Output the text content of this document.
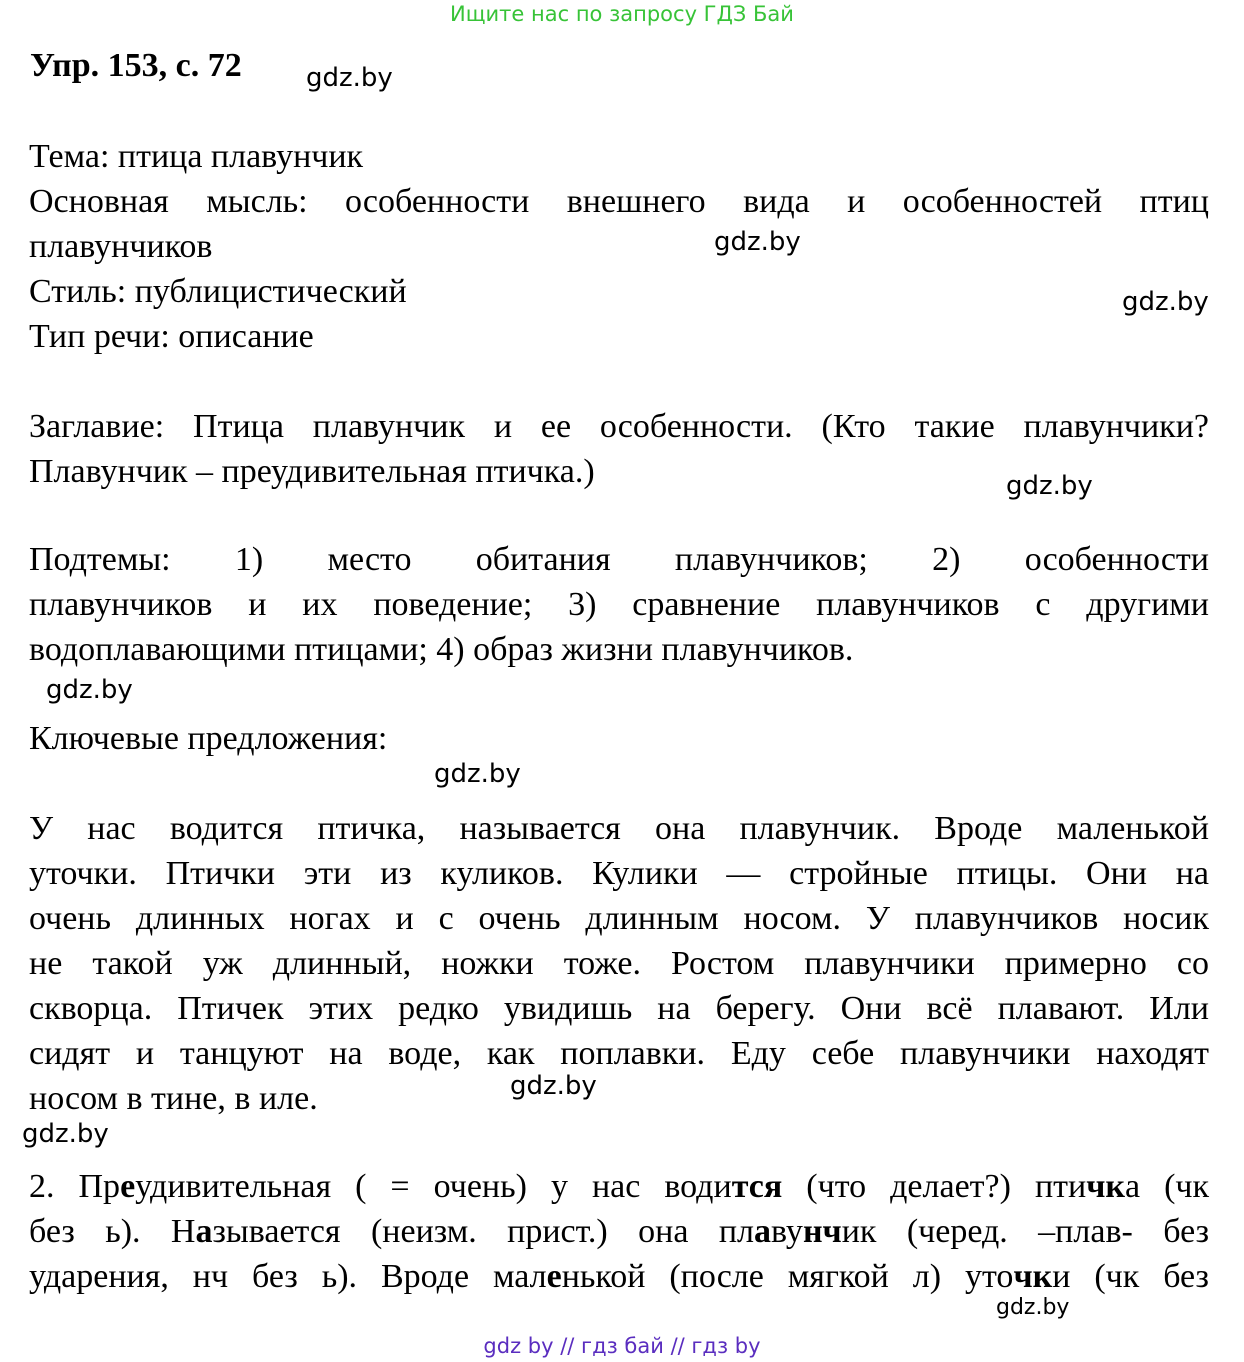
Ищите нас по запросу ГДЗ Бай
Упр. 153, с. 72 gdz.by
Тема: птица плавунчик
Основная мысль: особенности внешнего вида и особенностей птиц
плавунчиков
Стиль: публицистический
Тип речи: описание
gdz.by
gdz.by
Заглавие: Птица плавунчик и ее особенности. (Кто такие плавунчики?
Плавунчик – преудивительная птичка.)	gdz.by
Подтемы: 1) место обитания плавунчиков; 2) особенности
плавунчиков и их поведение; 3) сравнение плавунчиков с другими
водоплавающими птицами; 4) образ жизни плавунчиков.
gdz.by
Ключевые предложения:
gdz.by
У нас водится птичка, называется она плавунчик. Вроде маленькой
уточки. Птички эти из куликов. Кулики — стройные птицы. Они на
очень длинных ногах и с очень длинным носом. У плавунчиков носик
не такой уж длинный, ножки тоже. Ростом плавунчики примерно со
скворца. Птичек этих редко увидишь на берегу. Они всё плавают. Или
сидят и танцуют на воде, как поплавки. Еду себе плавунчики находят
носом в тине, в иле.	gdz.by
gdz.by
2. Преудивительная ( = очень) у нас водится (что делает?) птичка (чк
без ь). Называется (неизм. прист.) она плавунчик (черед. –плав- без
ударения, нч без ь). Вроде маленькой (после мягкой л) уточки (чк без
gdz.by
gdz by // гдз бай // гдз by
